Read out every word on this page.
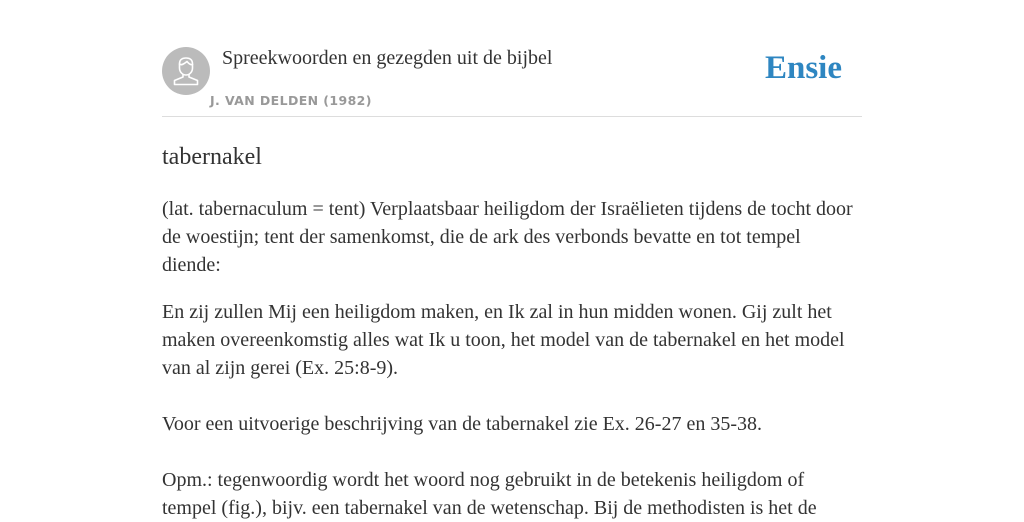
Spreekwoorden en gezegden uit de bijbel
J. VAN DELDEN (1982)
Ensie
tabernakel

(lat. tabernaculum = tent) Verplaatsbaar heiligdom der Israëlieten tijdens de tocht door de woestijn; tent der samenkomst, die de ark des verbonds bevatte en tot tempel diende:

En zij zullen Mij een heiligdom maken, en Ik zal in hun midden wonen. Gij zult het maken overeenkomstig alles wat Ik u toon, het model van de tabernakel en het model van al zijn gerei (Ex. 25:8-9).

Voor een uitvoerige beschrijving van de tabernakel zie Ex. 26-27 en 35-38.

Opm.: tegenwoordig wordt het woord nog gebruikt in de betekenis heiligdom of tempel (fig.), bijv. een tabernakel van de wetenschap. Bij de methodisten is het de
